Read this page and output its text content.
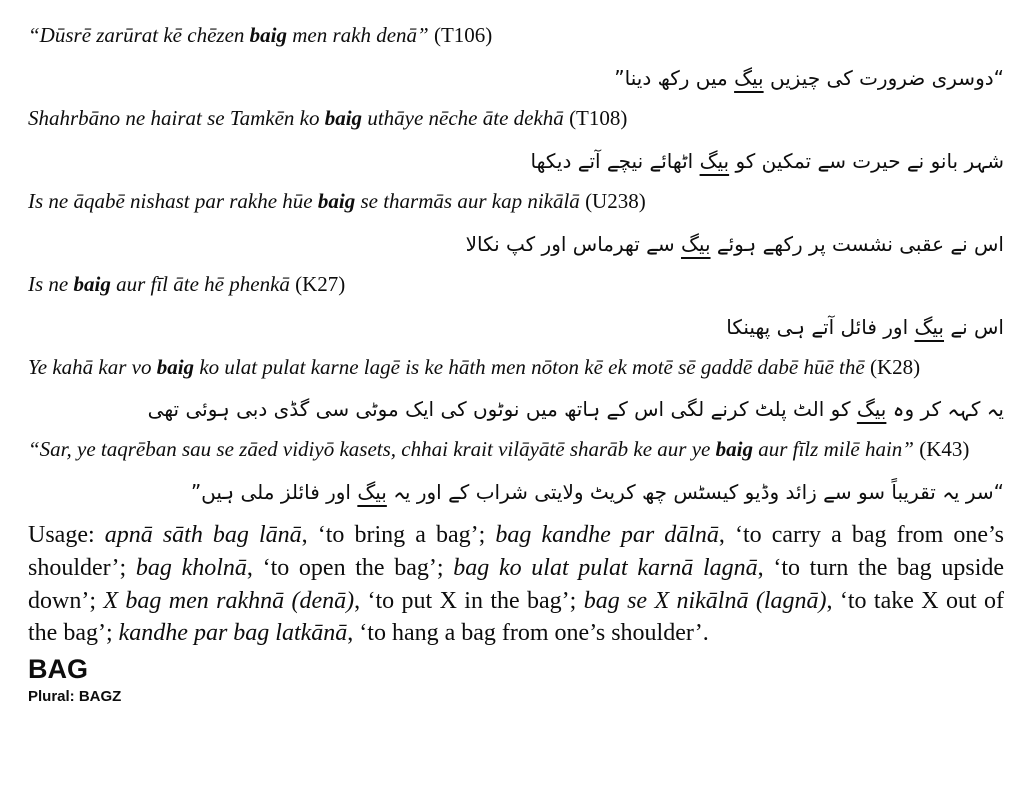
“Dūsrē zarūrat kē chēzen baig men rakh denā” (T106)
“دوسری ضرورت کی چیزیں بیگ میں رکھ دینا”
Shahrbāno ne hairat se Tamkēn ko baig uthāye nēche āte dekhā (T108)
شہر بانو نے حیرت سے تمکین کو بیگ اٹھائے نیچے آتے دیکھا
Is ne āqabē nishast par rakhe hūe baig se tharmās aur kap nikālā (U238)
اس نے عقبی نشست پر رکھے ہوئے بیگ سے تھرماس اور کپ نکالا
Is ne baig aur fīl āte hē phenkā (K27)
اس نے بیگ اور فائل آتے ہی پھینکا
Ye kahā kar vo baig ko ulat pulat karne lagē is ke hāth men nōton kē ek motē sē gaddē dabē hūē thē (K28)
یہ کہہ کر وہ بیگ کو الٹ پلٹ کرنے لگی اس کے ہاتھ میں نوٹوں کی ایک موٹی سی گڈی دبی ہوئی تھی
“Sar, ye taqrēban sau se zāed vidiyō kasets, chhai krait vilāyātē sharāb ke aur ye baig aur fīlz milē hain” (K43)
“سر یہ تقریباً سو سے زائد وڈیو کیسٹس چھ کریٹ ولایتی شراب کے اور یہ بیگ اور فائلز ملی ہیں”
Usage: apnā sāth bag lānā, ‘to bring a bag’; bag kandhe par dālnā, ‘to carry a bag from one’s shoulder’; bag kholnā, ‘to open the bag’; bag ko ulat pulat karnā lagnā, ‘to turn the bag upside down’; X bag men rakhnā (denā), ‘to put X in the bag’; bag se X nikālnā (lagnā), ‘to take X out of the bag’; kandhe par bag latkānā, ‘to hang a bag from one’s shoulder’.
BAG
Plural: BAGZ
